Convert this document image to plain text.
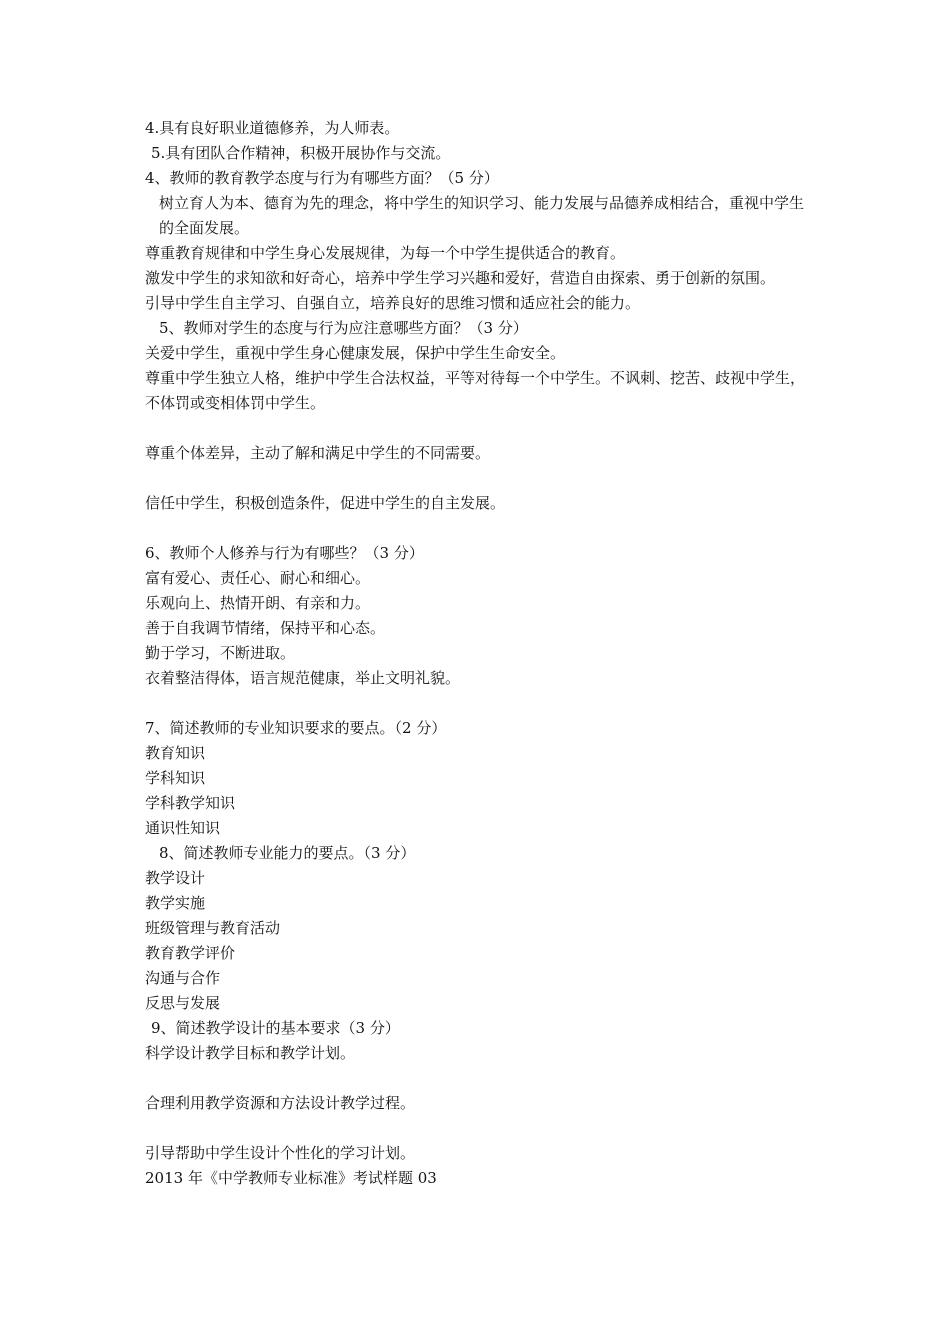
4.具有良好职业道德修养，为人师表。
5.具有团队合作精神，积极开展协作与交流。
4、教师的教育教学态度与行为有哪些方面？（5 分）
树立育人为本、德育为先的理念，将中学生的知识学习、能力发展与品德养成相结合，重视中学生的全面发展。
尊重教育规律和中学生身心发展规律，为每一个中学生提供适合的教育。
激发中学生的求知欲和好奇心，培养中学生学习兴趣和爱好，营造自由探索、勇于创新的氛围。
引导中学生自主学习、自强自立，培养良好的思维习惯和适应社会的能力。
5、教师对学生的态度与行为应注意哪些方面？（3 分）
关爱中学生，重视中学生身心健康发展，保护中学生生命安全。
尊重中学生独立人格，维护中学生合法权益，平等对待每一个中学生。不讽刺、挖苦、歧视中学生，不体罚或变相体罚中学生。
尊重个体差异，主动了解和满足中学生的不同需要。
信任中学生，积极创造条件，促进中学生的自主发展。
6、教师个人修养与行为有哪些？（3 分）
富有爱心、责任心、耐心和细心。
乐观向上、热情开朗、有亲和力。
善于自我调节情绪，保持平和心态。
勤于学习，不断进取。
衣着整洁得体，语言规范健康，举止文明礼貌。
7、简述教师的专业知识要求的要点。（2 分）
教育知识
学科知识
学科教学知识
通识性知识
8、简述教师专业能力的要点。（3 分）
教学设计
教学实施
班级管理与教育活动
教育教学评价
沟通与合作
反思与发展
9、简述教学设计的基本要求（3 分）
科学设计教学目标和教学计划。
合理利用教学资源和方法设计教学过程。
引导帮助中学生设计个性化的学习计划。
2013 年《中学教师专业标准》考试样题 03
